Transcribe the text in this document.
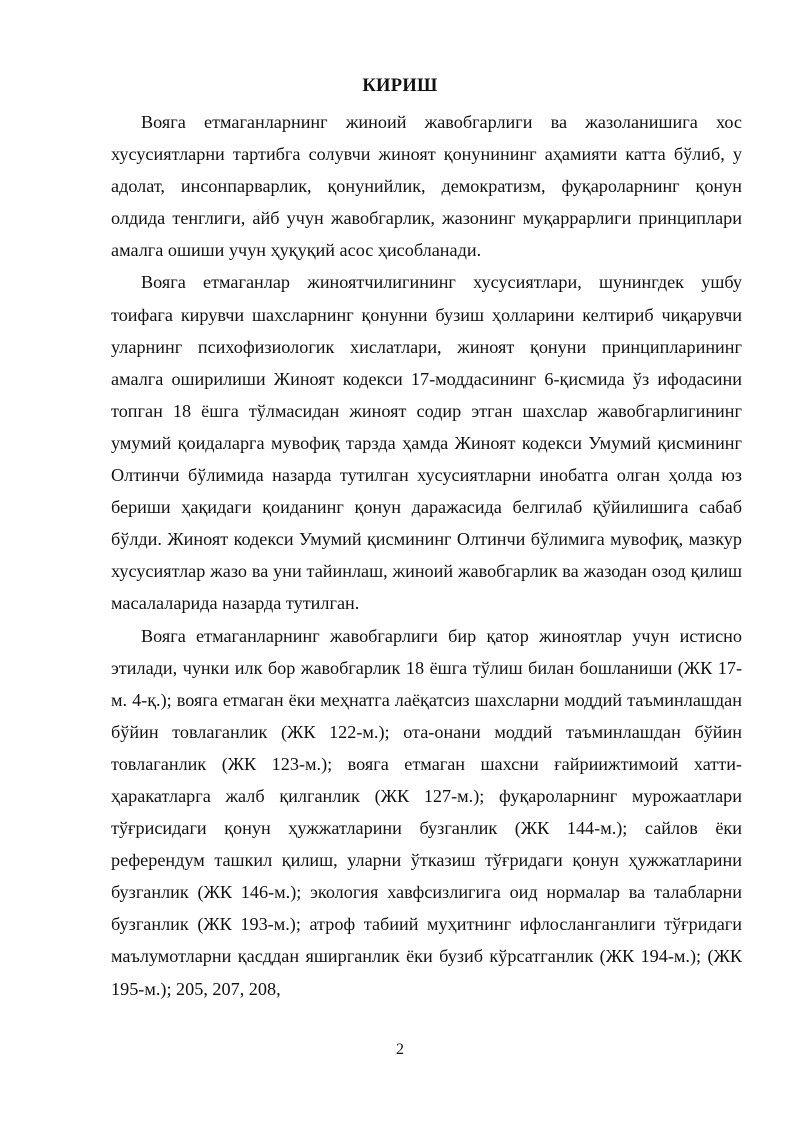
КИРИШ

Вояга етмаганларнинг жиноий жавобгарлиги ва жазоланишига хос хусусиятларни тартибга солувчи жиноят қонунининг аҳамияти катта бўлиб, у адолат, инсонпарварлик, қонунийлик, демократизм, фуқароларнинг қонун олдида тенглиги, айб учун жавобгарлик, жазонинг муқаррарлиги принциплари амалга ошиши учун ҳуқуқий асос ҳисобланади.

Вояга етмаганлар жиноятчилигининг хусусиятлари, шунингдек ушбу тоифага кирувчи шахсларнинг қонунни бузиш ҳолларини келтириб чиқарувчи уларнинг психофизиологик хислатлари, жиноят қонуни принципларининг амалга оширилиши Жиноят кодекси 17-моддасининг 6-қисмида ўз ифодасини топган 18 ёшга тўлмасидан жиноят содир этган шахслар жавобгарлигининг умумий қоидаларга мувофиқ тарзда ҳамда Жиноят кодекси Умумий қисмининг Олтинчи бўлимида назарда тутилган хусусиятларни инобатга олган ҳолда юз бериши ҳақидаги қоиданинг қонун даражасида белгилаб қўйилишига сабаб бўлди. Жиноят кодекси Умумий қисмининг Олтинчи бўлимига мувофиқ, мазкур хусусиятлар жазо ва уни тайинлаш, жиноий жавобгарлик ва жазодан озод қилиш масалаларида назарда тутилган.

Вояга етмаганларнинг жавобгарлиги бир қатор жиноятлар учун истисно этилади, чунки илк бор жавобгарлик 18 ёшга тўлиш билан бошланиши (ЖК 17-м. 4-қ.); вояга етмаган ёки меҳнатга лаёқатсиз шахсларни моддий таъминлашдан бўйин товлаганлик (ЖК 122-м.); ота-онани моддий таъминлашдан бўйин товлаганлик (ЖК 123-м.); вояга етмаган шахсни ғайриижтимоий хатти-ҳаракатларга жалб қилганлик (ЖК 127-м.); фуқароларнинг мурожаатлари тўғрисидаги қонун ҳужжатларини бузганлик (ЖК 144-м.); сайлов ёки референдум ташкил қилиш, уларни ўтказиш тўғридаги қонун ҳужжатларини бузганлик (ЖК 146-м.); экология хавфсизлигига оид нормалар ва талабларни бузганлик (ЖК 193-м.); атроф табиий муҳитнинг ифлосланганлиги тўғридаги маълумотларни қасддан яширганлик ёки бузиб кўрсатганлик (ЖК 194-м.); (ЖК 195-м.); 205, 207, 208,

2
